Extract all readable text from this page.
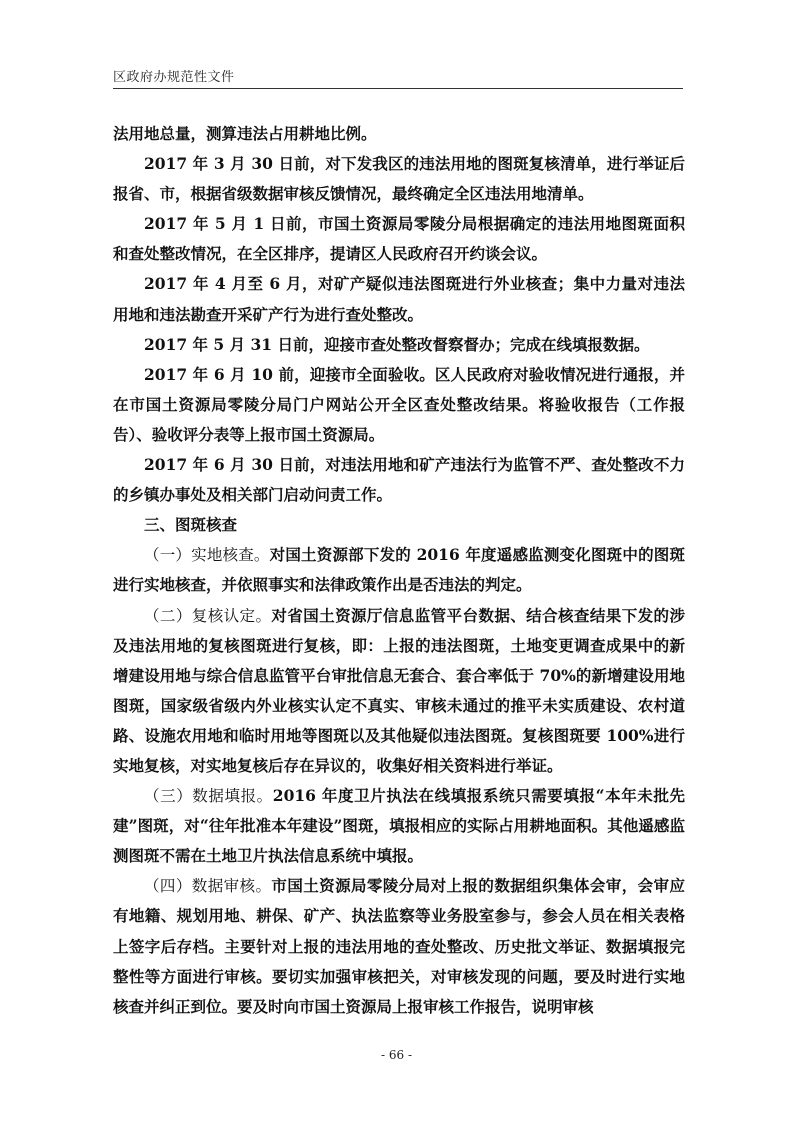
区政府办规范性文件

法用地总量，测算违法占用耕地比例。

2017 年 3 月 30 日前，对下发我区的违法用地的图斑复核清单，进行举证后报省、市，根据省级数据审核反馈情况，最终确定全区违法用地清单。

2017 年 5 月 1 日前，市国土资源局零陵分局根据确定的违法用地图斑面积和查处整改情况，在全区排序，提请区人民政府召开约谈会议。

2017 年 4 月至 6 月，对矿产疑似违法图斑进行外业核查；集中力量对违法用地和违法勘查开采矿产行为进行查处整改。

2017 年 5 月 31 日前，迎接市查处整改督察督办；完成在线填报数据。

2017 年 6 月 10 前，迎接市全面验收。区人民政府对验收情况进行通报，并在市国土资源局零陵分局门户网站公开全区查处整改结果。将验收报告（工作报告）、验收评分表等上报市国土资源局。

2017 年 6 月 30 日前，对违法用地和矿产违法行为监管不严、查处整改不力的乡镇办事处及相关部门启动问责工作。

三、图斑核查

（一）实地核查。对国土资源部下发的 2016 年度遥感监测变化图斑中的图斑进行实地核查，并依照事实和法律政策作出是否违法的判定。

（二）复核认定。对省国土资源厅信息监管平台数据、结合核查结果下发的涉及违法用地的复核图斑进行复核，即：上报的违法图斑，土地变更调查成果中的新增建设用地与综合信息监管平台审批信息无套合、套合率低于 70%的新增建设用地图斑，国家级省级内外业核实认定不真实、审核未通过的推平未实质建设、农村道路、设施农用地和临时用地等图斑以及其他疑似违法图斑。复核图斑要 100%进行实地复核，对实地复核后存在异议的，收集好相关资料进行举证。

（三）数据填报。2016 年度卫片执法在线填报系统只需要填报“本年未批先建”图斑，对“往年批准本年建设”图斑，填报相应的实际占用耕地面积。其他遥感监测图斑不需在土地卫片执法信息系统中填报。

（四）数据审核。市国土资源局零陵分局对上报的数据组织集体会审，会审应有地籍、规划用地、耕保、矿产、执法监察等业务股室参与，参会人员在相关表格上签字后存档。主要针对上报的违法用地的查处整改、历史批文举证、数据填报完整性等方面进行审核。要切实加强审核把关，对审核发现的问题，要及时进行实地核查并纠正到位。要及时向市国土资源局上报审核工作报告，说明审核

- 66 -
